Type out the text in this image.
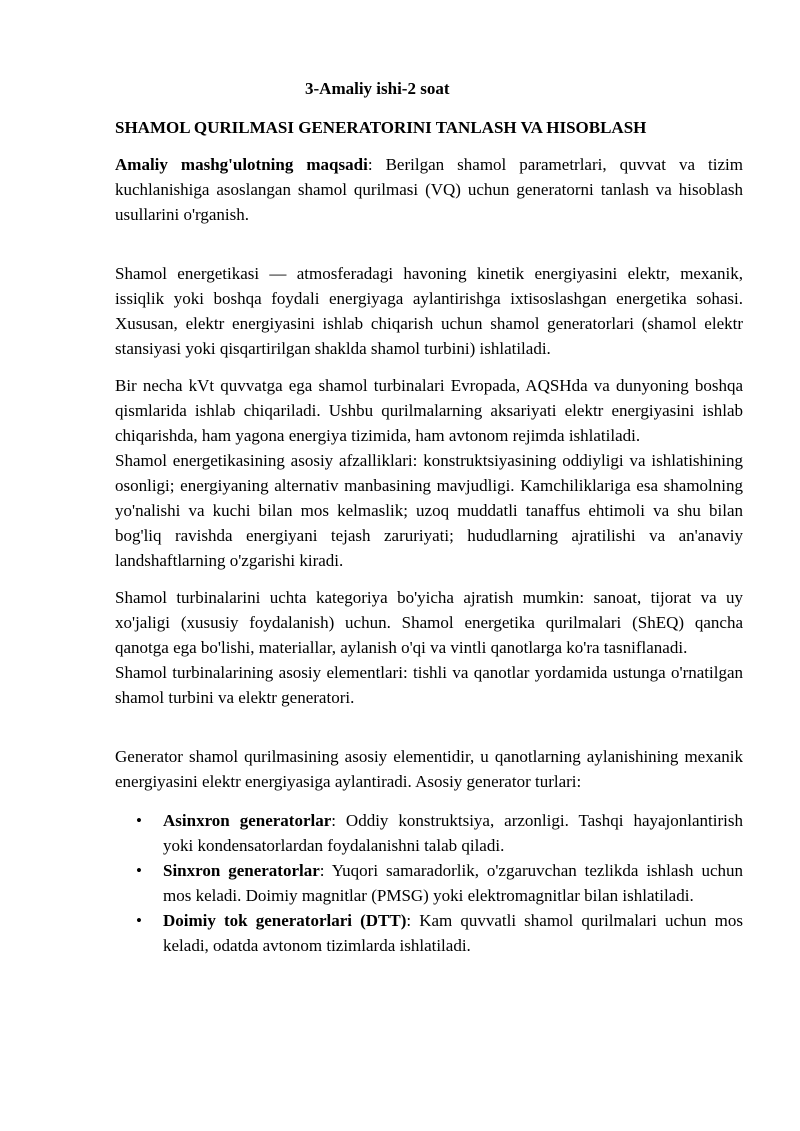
3-Amaliy ishi-2 soat
SHAMOL QURILMASI GENERATORINI TANLASH VA HISOBLASH

Amaliy mashg'ulotning maqsadi: Berilgan shamol parametrlari, quvvat va tizim kuchlanishiga asoslangan shamol qurilmasi (VQ) uchun generatorni tanlash va hisoblash usullarini o'rganish.

Shamol energetikasi — atmosferadagi havoning kinetik energiyasini elektr, mexanik, issiqlik yoki boshqa foydali energiyaga aylantirishga ixtisoslashgan energetika sohasi. Xususan, elektr energiyasini ishlab chiqarish uchun shamol generatorlari (shamol elektr stansiyasi yoki qisqartirilgan shaklda shamol turbini) ishlatiladi.

Bir necha kVt quvvatga ega shamol turbinalari Evropada, AQSHda va dunyoning boshqa qismlarida ishlab chiqariladi. Ushbu qurilmalarning aksariyati elektr energiyasini ishlab chiqarishda, ham yagona energiya tizimida, ham avtonom rejimda ishlatiladi.

Shamol energetikasining asosiy afzalliklari: konstruktsiyasining oddiyligi va ishlatishining osonligi; energiyaning alternativ manbasining mavjudligi. Kamchiliklariga esa shamolning yo'nalishi va kuchi bilan mos kelmaslik; uzoq muddatli tanaffus ehtimoli va shu bilan bog'liq ravishda energiyani tejash zaruriyati; hududlarning ajratilishi va an'anaviy landshaftlarning o'zgarishi kiradi.

Shamol turbinalarini uchta kategoriya bo'yicha ajratish mumkin: sanoat, tijorat va uy xo'jaligi (xususiy foydalanish) uchun. Shamol energetika qurilmalari (ShEQ) qancha qanotga ega bo'lishi, materiallar, aylanish o'qi va vintli qanotlarga ko'ra tasniflanadi.

Shamol turbinalarining asosiy elementlari: tishli va qanotlar yordamida ustunga o'rnatilgan shamol turbini va elektr generatori.

Generator shamol qurilmasining asosiy elementidir, u qanotlarning aylanishining mexanik energiyasini elektr energiyasiga aylantiradi. Asosiy generator turlari:

• Asinxron generatorlar: Oddiy konstruktsiya, arzonligi. Tashqi hayajonlantirish yoki kondensatorlardan foydalanishni talab qiladi.
• Sinxron generatorlar: Yuqori samaradorlik, o'zgaruvchan tezlikda ishlash uchun mos keladi. Doimiy magnitlar (PMSG) yoki elektromagnitlar bilan ishlatiladi.
• Doimiy tok generatorlari (DTT): Kam quvvatli shamol qurilmalari uchun mos keladi, odatda avtonom tizimlarda ishlatiladi.
